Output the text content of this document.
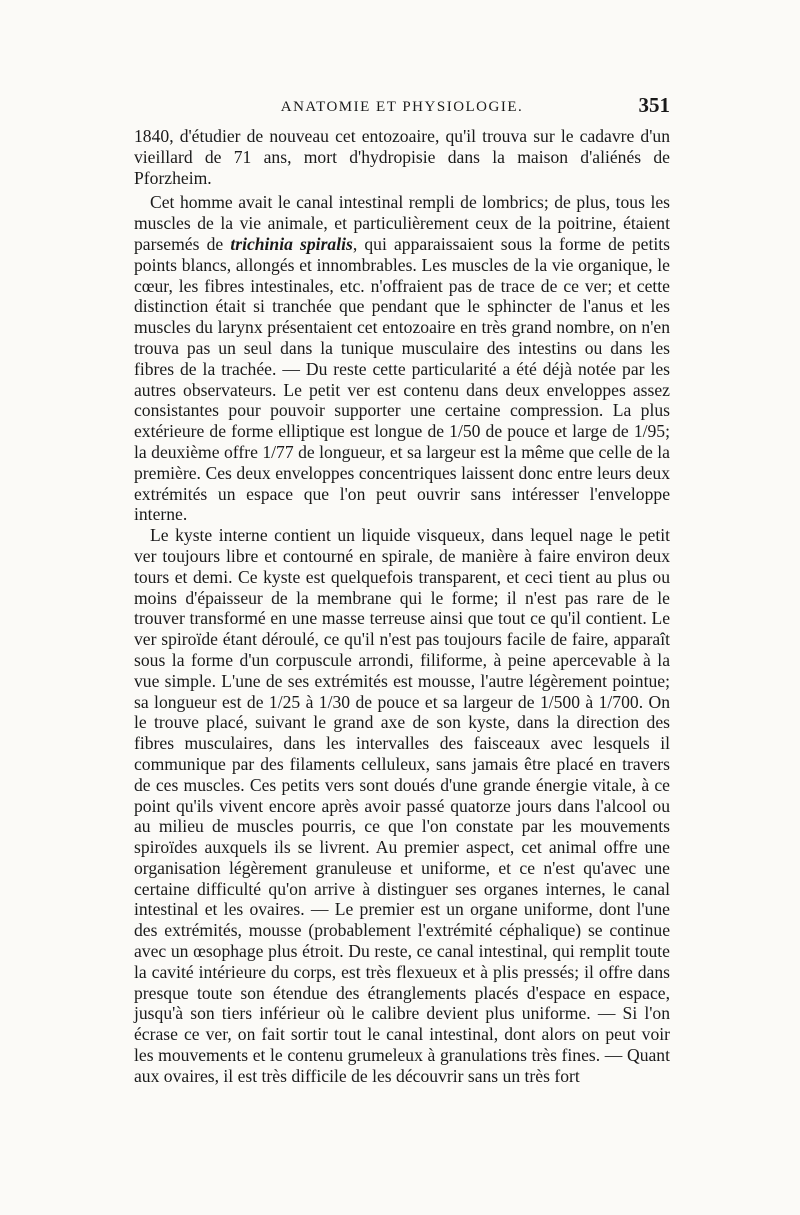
ANATOMIE ET PHYSIOLOGIE.	351

1840, d'étudier de nouveau cet entozoaire, qu'il trouva sur le cadavre d'un vieillard de 71 ans, mort d'hydropisie dans la maison d'aliénés de Pforzheim.

Cet homme avait le canal intestinal rempli de lombrics; de plus, tous les muscles de la vie animale, et particulièrement ceux de la poitrine, étaient parsemés de trichinia spiralis, qui apparaissaient sous la forme de petits points blancs, allongés et innombrables. Les muscles de la vie organique, le cœur, les fibres intestinales, etc. n'offraient pas de trace de ce ver; et cette distinction était si tranchée que pendant que le sphincter de l'anus et les muscles du larynx présentaient cet entozoaire en très grand nombre, on n'en trouva pas un seul dans la tunique musculaire des intestins ou dans les fibres de la trachée. — Du reste cette particularité a été déjà notée par les autres observateurs. Le petit ver est contenu dans deux enveloppes assez consistantes pour pouvoir supporter une certaine compression. La plus extérieure de forme elliptique est longue de 1/50 de pouce et large de 1/95; la deuxième offre 1/77 de longueur, et sa largeur est la même que celle de la première. Ces deux enveloppes concentriques laissent donc entre leurs deux extrémités un espace que l'on peut ouvrir sans intéresser l'enveloppe interne.

Le kyste interne contient un liquide visqueux, dans lequel nage le petit ver toujours libre et contourné en spirale, de manière à faire environ deux tours et demi. Ce kyste est quelquefois transparent, et ceci tient au plus ou moins d'épaisseur de la membrane qui le forme; il n'est pas rare de le trouver transformé en une masse terreuse ainsi que tout ce qu'il contient. Le ver spiroïde étant déroulé, ce qu'il n'est pas toujours facile de faire, apparaît sous la forme d'un corpuscule arrondi, filiforme, à peine apercevable à la vue simple. L'une de ses extrémités est mousse, l'autre légèrement pointue; sa longueur est de 1/25 à 1/30 de pouce et sa largeur de 1/500 à 1/700. On le trouve placé, suivant le grand axe de son kyste, dans la direction des fibres musculaires, dans les intervalles des faisceaux avec lesquels il communique par des filaments celluleux, sans jamais être placé en travers de ces muscles. Ces petits vers sont doués d'une grande énergie vitale, à ce point qu'ils vivent encore après avoir passé quatorze jours dans l'alcool ou au milieu de muscles pourris, ce que l'on constate par les mouvements spiroïdes auxquels ils se livrent. Au premier aspect, cet animal offre une organisation légèrement granuleuse et uniforme, et ce n'est qu'avec une certaine difficulté qu'on arrive à distinguer ses organes internes, le canal intestinal et les ovaires. — Le premier est un organe uniforme, dont l'une des extrémités, mousse (probablement l'extrémité céphalique) se continue avec un œsophage plus étroit. Du reste, ce canal intestinal, qui remplit toute la cavité intérieure du corps, est très flexueux et à plis pressés; il offre dans presque toute son étendue des étranglements placés d'espace en espace, jusqu'à son tiers inférieur où le calibre devient plus uniforme. — Si l'on écrase ce ver, on fait sortir tout le canal intestinal, dont alors on peut voir les mouvements et le contenu grumeleux à granulations très fines. — Quant aux ovaires, il est très difficile de les découvrir sans un très fort
